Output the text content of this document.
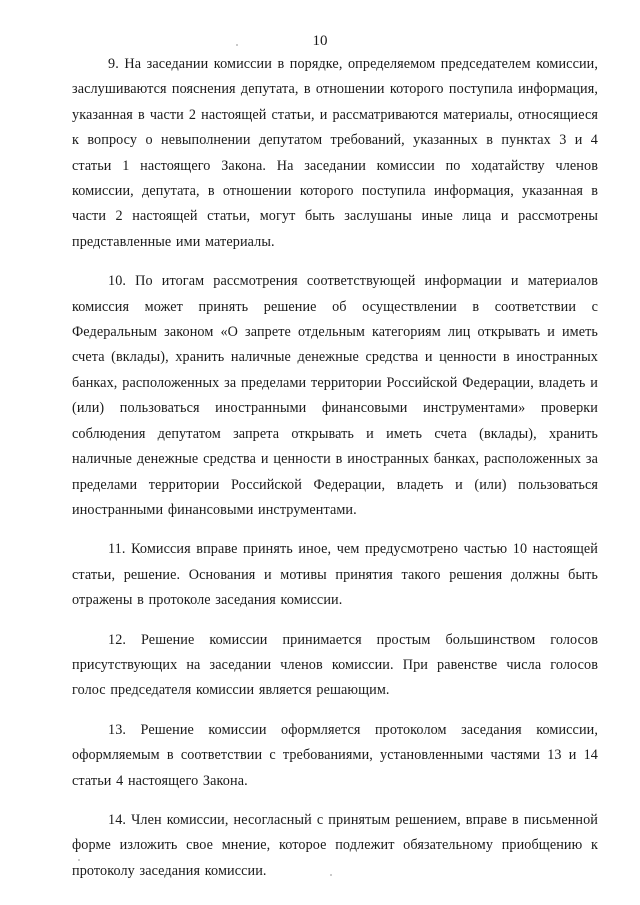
10

9. На заседании комиссии в порядке, определяемом председателем комиссии, заслушиваются пояснения депутата, в отношении которого поступила информация, указанная в части 2 настоящей статьи, и рассматриваются материалы, относящиеся к вопросу о невыполнении депутатом требований, указанных в пунктах 3 и 4 статьи 1 настоящего Закона. На заседании комиссии по ходатайству членов комиссии, депутата, в отношении которого поступила информация, указанная в части 2 настоящей статьи, могут быть заслушаны иные лица и рассмотрены представленные ими материалы.

10. По итогам рассмотрения соответствующей информации и материалов комиссия может принять решение об осуществлении в соответствии с Федеральным законом «О запрете отдельным категориям лиц открывать и иметь счета (вклады), хранить наличные денежные средства и ценности в иностранных банках, расположенных за пределами территории Российской Федерации, владеть и (или) пользоваться иностранными финансовыми инструментами» проверки соблюдения депутатом запрета открывать и иметь счета (вклады), хранить наличные денежные средства и ценности в иностранных банках, расположенных за пределами территории Российской Федерации, владеть и (или) пользоваться иностранными финансовыми инструментами.

11. Комиссия вправе принять иное, чем предусмотрено частью 10 настоящей статьи, решение. Основания и мотивы принятия такого решения должны быть отражены в протоколе заседания комиссии.

12. Решение комиссии принимается простым большинством голосов присутствующих на заседании членов комиссии. При равенстве числа голосов голос председателя комиссии является решающим.

13. Решение комиссии оформляется протоколом заседания комиссии, оформляемым в соответствии с требованиями, установленными частями 13 и 14 статьи 4 настоящего Закона.

14. Член комиссии, несогласный с принятым решением, вправе в письменной форме изложить свое мнение, которое подлежит обязательному приобщению к протоколу заседания комиссии.
